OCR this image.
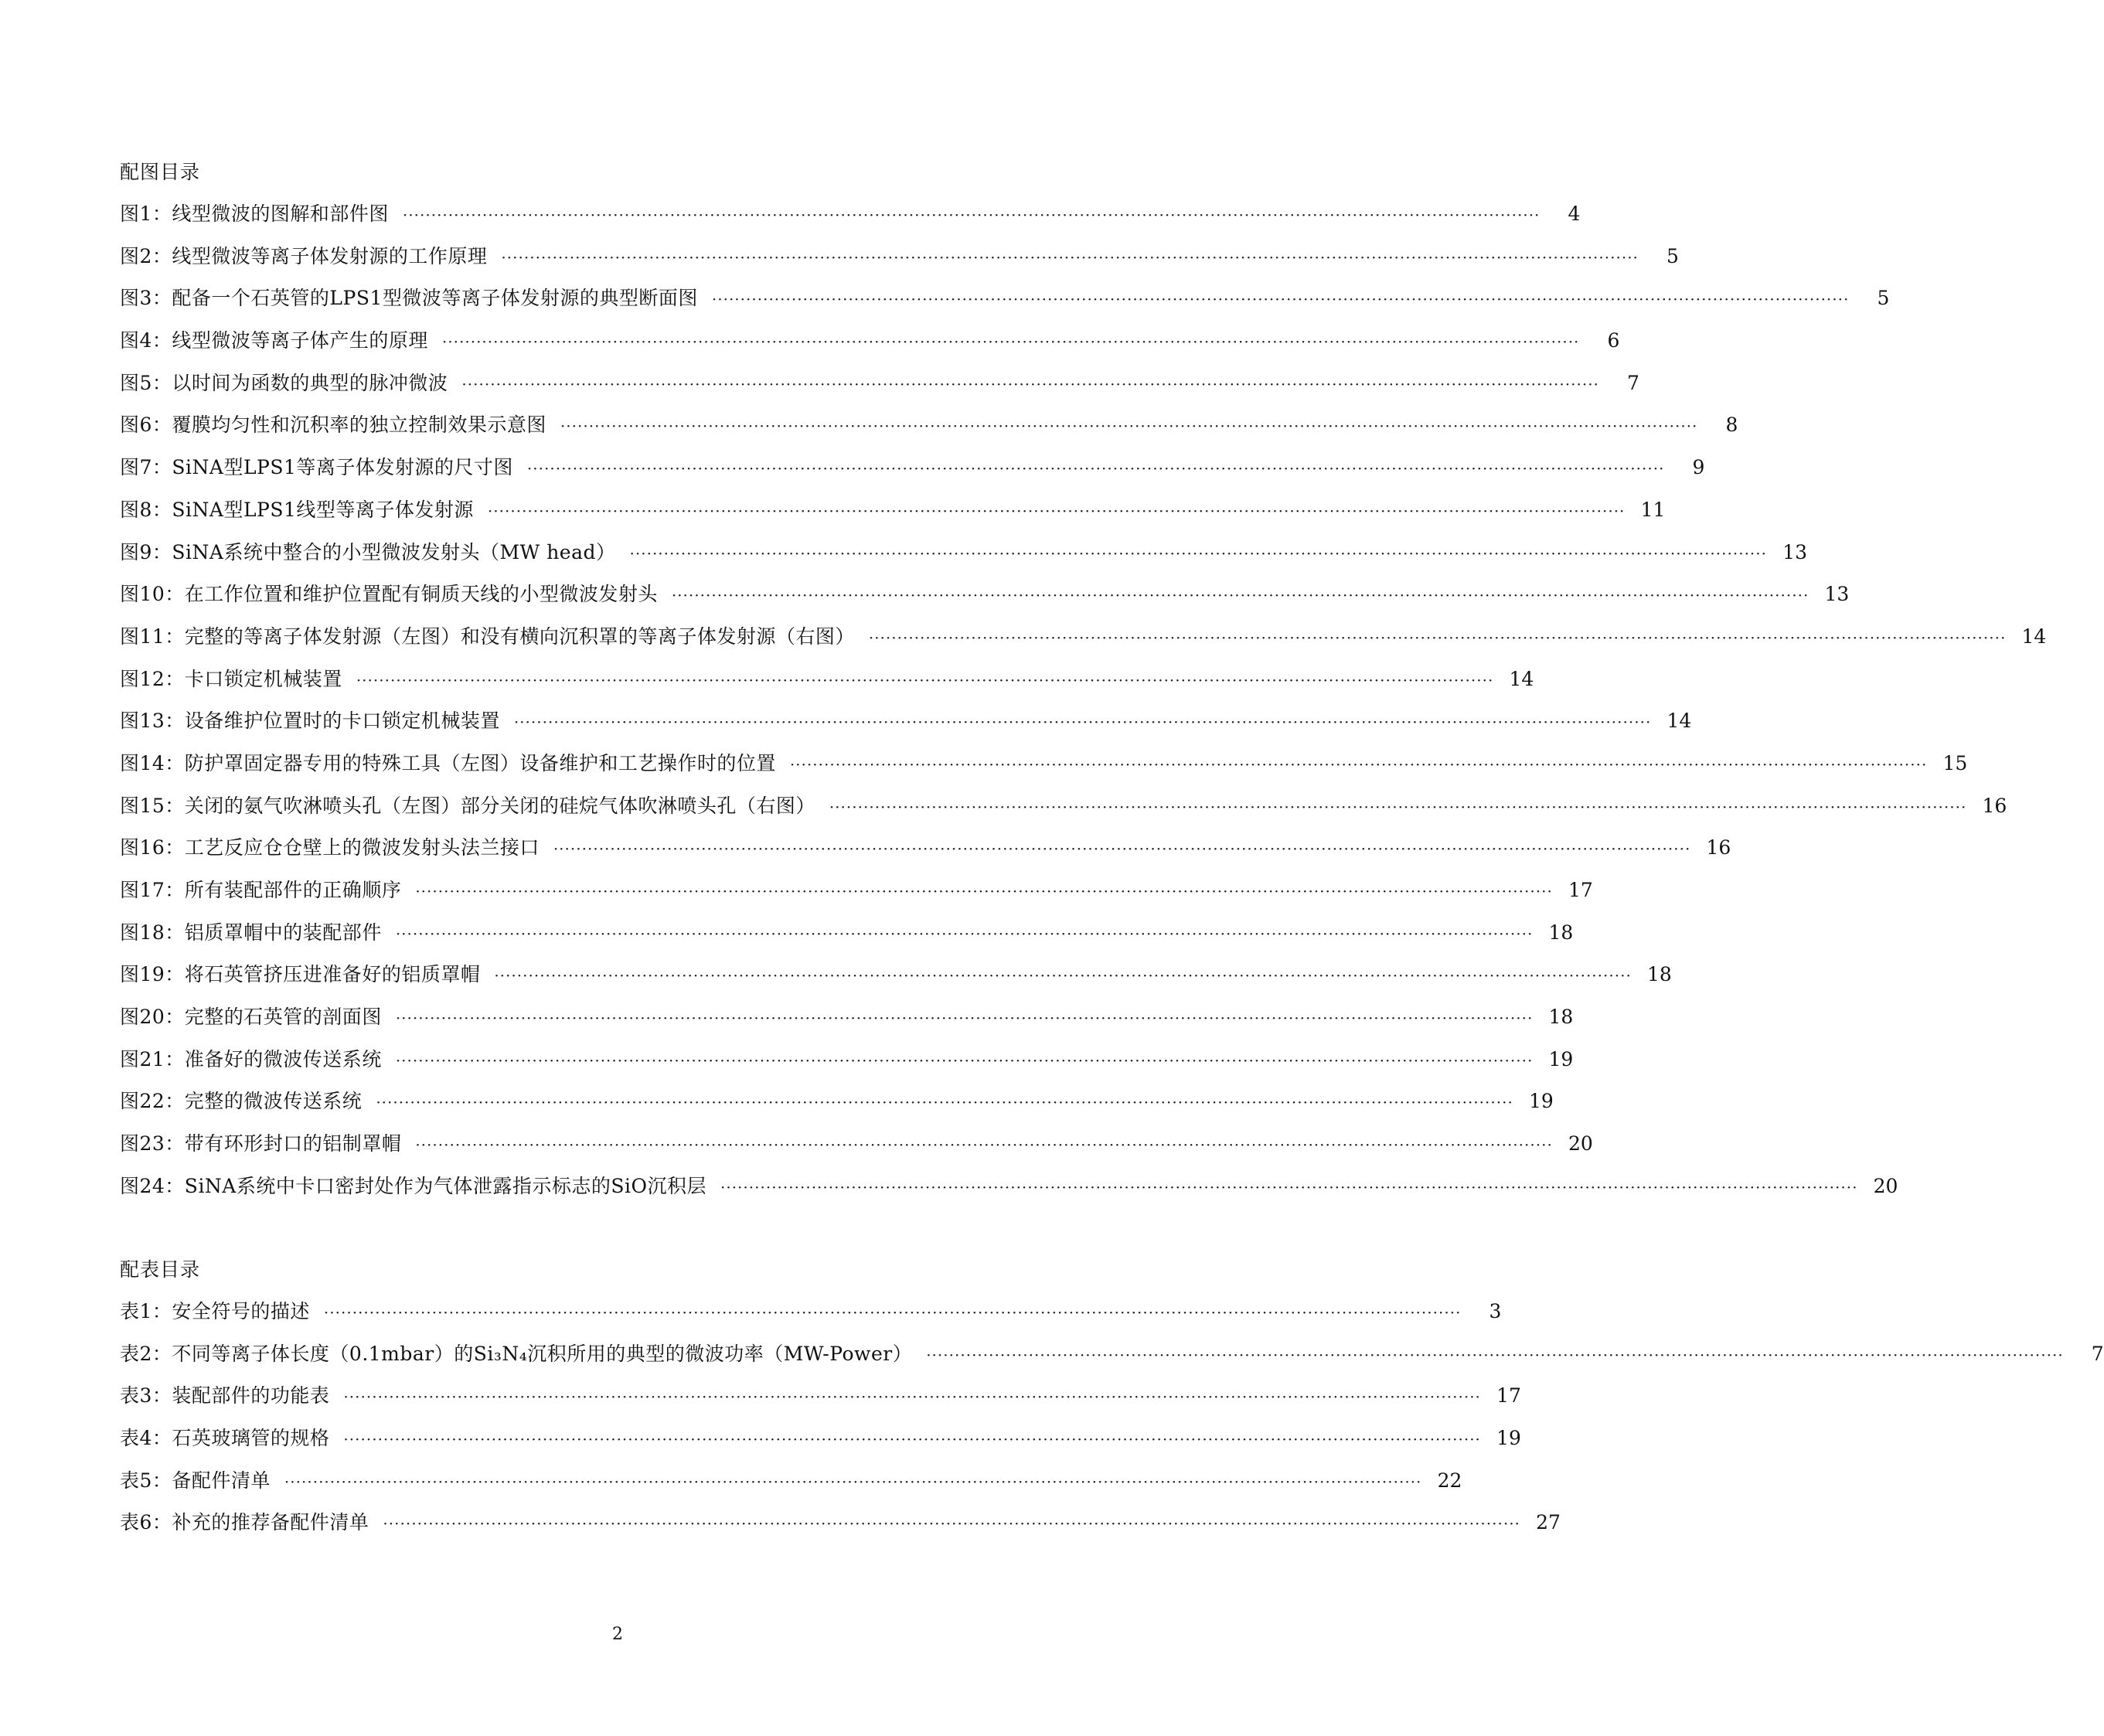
配图目录
图1：线型微波的图解和部件图 ········································································································································································································	4
图2：线型微波等离子体发射源的工作原理 ········································································································································································································	5
图3：配备一个石英管的LPS1型微波等离子体发射源的典型断面图 ········································································································································································································	5
图4：线型微波等离子体产生的原理 ········································································································································································································	6
图5：以时间为函数的典型的脉冲微波 ········································································································································································································	7
图6：覆膜均匀性和沉积率的独立控制效果示意图 ········································································································································································································	8
图7：SiNA型LPS1等离子体发射源的尺寸图 ········································································································································································································	9
图8：SiNA型LPS1线型等离子体发射源 ········································································································································································································ 11
图9：SiNA系统中整合的小型微波发射头（MW head） ········································································································································································································ 13
图10：在工作位置和维护位置配有铜质天线的小型微波发射头 ········································································································································································································ 13
图11：完整的等离子体发射源（左图）和没有横向沉积罩的等离子体发射源（右图） ········································································································································································································ 14
图12：卡口锁定机械装置 ········································································································································································································ 14
图13：设备维护位置时的卡口锁定机械装置 ········································································································································································································ 14
图14：防护罩固定器专用的特殊工具（左图）设备维护和工艺操作时的位置 ········································································································································································································ 15
图15：关闭的氨气吹淋喷头孔（左图）部分关闭的硅烷气体吹淋喷头孔（右图） ········································································································································································································ 16
图16：工艺反应仓仓壁上的微波发射头法兰接口 ········································································································································································································ 16
图17：所有装配部件的正确顺序 ········································································································································································································ 17
图18：铝质罩帽中的装配部件 ········································································································································································································ 18
图19：将石英管挤压进准备好的铝质罩帽 ········································································································································································································ 18
图20：完整的石英管的剖面图 ········································································································································································································ 18
图21：准备好的微波传送系统 ········································································································································································································ 19
图22：完整的微波传送系统 ········································································································································································································ 19
图23：带有环形封口的铝制罩帽 ········································································································································································································ 20
图24：SiNA系统中卡口密封处作为气体泄露指示标志的SiO沉积层 ········································································································································································································ 20
配表目录
表1：安全符号的描述 ········································································································································································································	3
表2：不同等离子体长度（0.1mbar）的Si₃N₄沉积所用的典型的微波功率（MW-Power） ········································································································································································································	7
表3：装配部件的功能表 ········································································································································································································ 17
表4：石英玻璃管的规格 ········································································································································································································ 19
表5：备配件清单 ········································································································································································································ 22
表6：补充的推荐备配件清单 ········································································································································································································ 27
2
